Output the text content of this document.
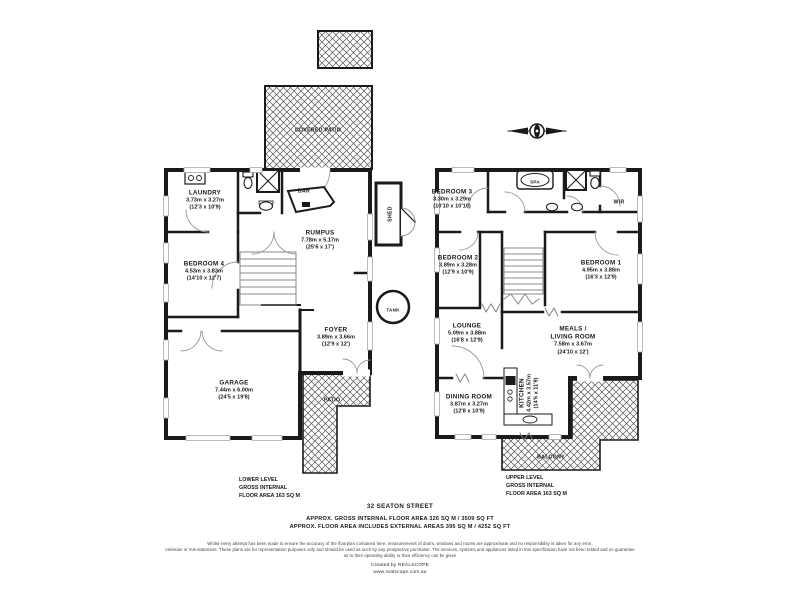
COVERED PATIO
LAUNDRY
3.73m x 3.27m
(12'3 x 10'9)
BAR
RUMPUS
7.78m x 5.17m
(25'6 x 17')
BEDROOM 4
4.53m x 3.83m
(14'10 x 12'7)
FOYER
3.89m x 3.66m
(12'9 x 12')
GARAGE
7.44m x 6.00m
(24'5 x 19'8)	PATIO
SHED
TANK
BEDROOM 3
3.30m x 3.29m
(10'10 x 10'10)
SPA
WIR
BEDROOM 2
3.89m x 3.28m
(12'9 x 10'9)
BEDROOM 1
4.95m x 3.88m
(16'3 x 12'9)
LOUNGE
5.09m x 3.88m
(16'8 x 12'9)
MEALS /
LIVING ROOM
7.58m x 3.67m
(24'10 x 12')
DINING ROOM
3.87m x 3.27m
(12'8 x 10'9)
KITCHEN 4.42m x 3.57m (14'6 x 11'9)
BALCONY
LOWER LEVEL
GROSS INTERNAL
FLOOR AREA 163 SQ M
UPPER LEVEL
GROSS INTERNAL
FLOOR AREA 163 SQ M
32 SEATON STREET
APPROX. GROSS INTERNAL FLOOR AREA 326 SQ M / 3509 SQ FT
APPROX. FLOOR AREA INCLUDES EXTERNAL AREAS 395 SQ M / 4252 SQ FT
Whilst every attempt has been made to ensure the accuracy of the floorplan contained here, measurements of doors, windows and rooms are approximate and no responsibility is taken for any error,
omission or mis-statement. These plans are for representation purposes only and should be used as such by any prospective purchaser. The services, systems and appliances listed in this specification have not been tested and no guarantee
as to their operating ability or their efficiency can be given
Created by REALSCOPE
www.realscope.com.au
